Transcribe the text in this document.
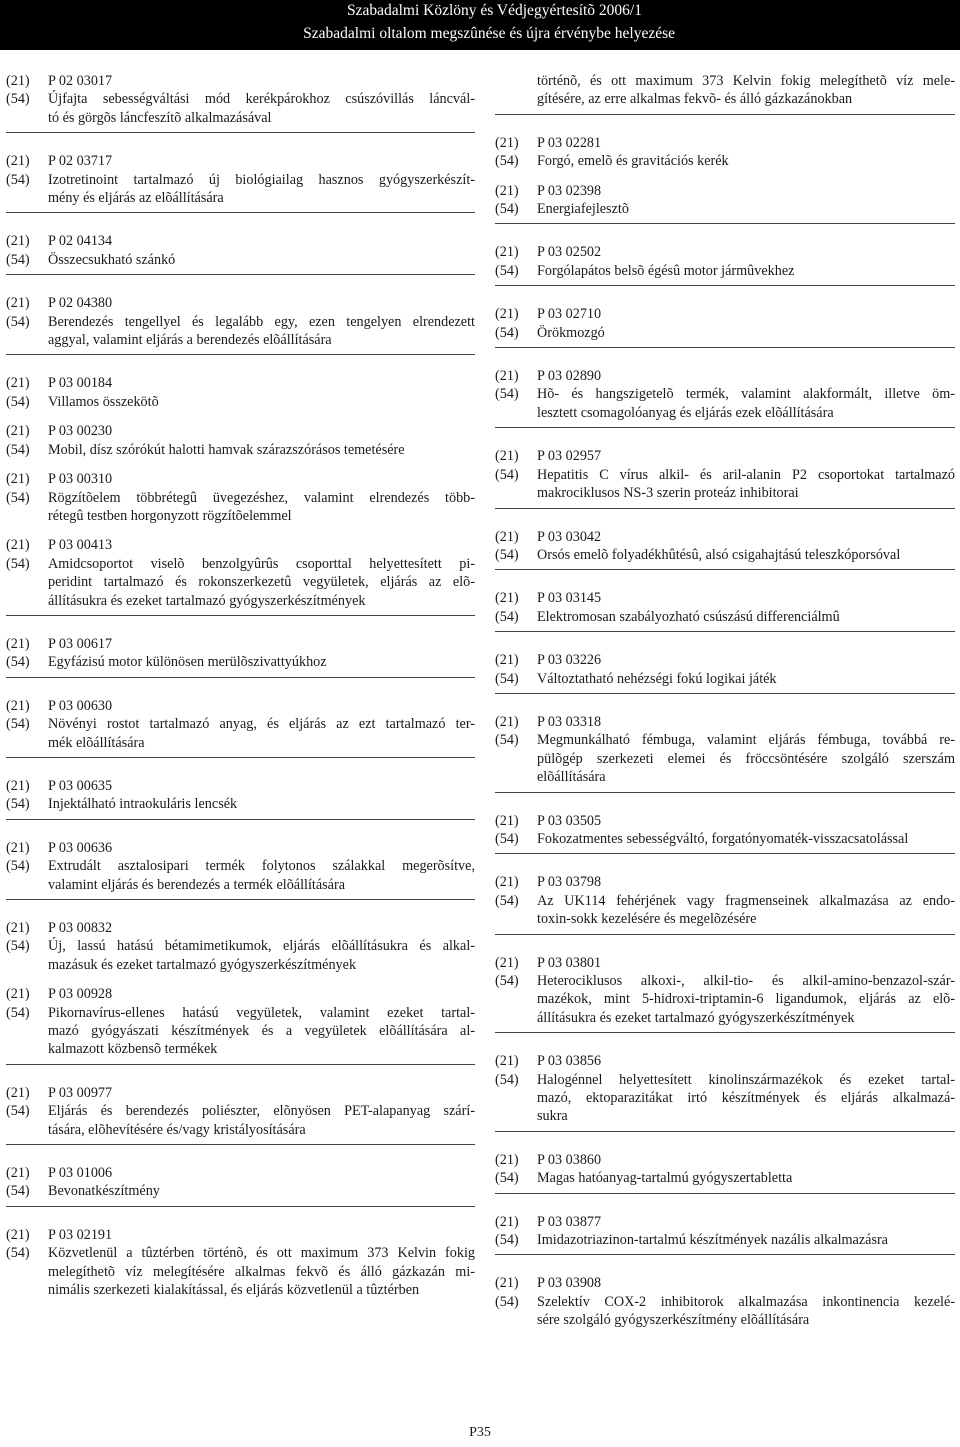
Szabadalmi Közlöny és Védjegyértesítõ 2006/1
Szabadalmi oltalom megszûnése és újra érvénybe helyezése
(21)	P 02 03017
(54)	Újfajta sebességváltási mód kerékpárokhoz csúszóvillás láncvál-
tó és görgõs láncfeszítõ alkalmazásával
(21)	P 02 03717
(54)	Izotretinoint tartalmazó új biológiailag hasznos gyógyszerkészít-
mény és eljárás az elõállítására
(21)	P 02 04134
(54)	Összecsukható szánkó
(21)	P 02 04380
(54)	Berendezés tengellyel és legalább egy, ezen tengelyen elrendezett
aggyal, valamint eljárás a berendezés elõállítására
(21)	P 03 00184
(54)	Villamos összekötõ
(21)	P 03 00230
(54)	Mobil, dísz szórókút halotti hamvak szárazszórásos temetésére
(21)	P 03 00310
(54)	Rögzítõelem többrétegû üvegezéshez, valamint elrendezés több-
rétegû testben horgonyzott rögzítõelemmel
(21)	P 03 00413
(54)	Amidcsoportot viselõ benzolgyûrûs csoporttal helyettesített pi-
peridint tartalmazó és rokonszerkezetû vegyületek, eljárás az elõ-
állításukra és ezeket tartalmazó gyógyszerkészítmények
(21)	P 03 00617
(54)	Egyfázisú motor különösen merülõszivattyúkhoz
(21)	P 03 00630
(54)	Növényi rostot tartalmazó anyag, és eljárás az ezt tartalmazó ter-
mék elõállítására
(21)	P 03 00635
(54)	Injektálható intraokuláris lencsék
(21)	P 03 00636
(54)	Extrudált asztalosipari termék folytonos szálakkal megerõsítve,
valamint eljárás és berendezés a termék elõállítására
(21)	P 03 00832
(54)	Új, lassú hatású bétamimetikumok, eljárás elõállításukra és alkal-
mazásuk és ezeket tartalmazó gyógyszerkészítmények
(21)	P 03 00928
(54)	Pikornavírus-ellenes hatású vegyületek, valamint ezeket tartal-
mazó gyógyászati készítmények és a vegyületek elõállítására al-
kalmazott közbensõ termékek
(21)	P 03 00977
(54)	Eljárás és berendezés poliészter, elõnyösen PET-alapanyag szárí-
tására, elõhevítésére és/vagy kristályosítására
(21)	P 03 01006
(54)	Bevonatkészítmény
(21)	P 03 02191
(54)	Közvetlenül a tûztérben történõ, és ott maximum 373 Kelvin fokig
melegíthetõ víz melegítésére alkalmas fekvõ és álló gázkazán mi-
nimális szerkezeti kialakítással, és eljárás közvetlenül a tûztérben
történõ, és ott maximum 373 Kelvin fokig melegíthetõ víz mele-
gítésére, az erre alkalmas fekvõ- és álló gázkazánokban
(21)	P 03 02281
(54)	Forgó, emelõ és gravitációs kerék
(21)	P 03 02398
(54)	Energiafejlesztõ
(21)	P 03 02502
(54)	Forgólapátos belsõ égésû motor jármûvekhez
(21)	P 03 02710
(54)	Örökmozgó
(21)	P 03 02890
(54)	Hõ- és hangszigetelõ termék, valamint alakformált, illetve öm-
lesztett csomagolóanyag és eljárás ezek elõállítására
(21)	P 03 02957
(54)	Hepatitis C vírus alkil- és aril-alanin P2 csoportokat tartalmazó
makrociklusos NS-3 szerin proteáz inhibitorai
(21)	P 03 03042
(54)	Orsós emelõ folyadékhûtésû, alsó csigahajtású teleszkóporsóval
(21)	P 03 03145
(54)	Elektromosan szabályozható csúszású differenciálmû
(21)	P 03 03226
(54)	Változtatható nehézségi fokú logikai játék
(21)	P 03 03318
(54)	Megmunkálható fémbuga, valamint eljárás fémbuga, továbbá re-
pülõgép szerkezeti elemei és fröccsöntésére szolgáló szerszám
elõállítására
(21)	P 03 03505
(54)	Fokozatmentes sebességváltó, forgatónyomaték-visszacsatolással
(21)	P 03 03798
(54)	Az UK114 fehérjének vagy fragmenseinek alkalmazása az endo-
toxin-sokk kezelésére és megelõzésére
(21)	P 03 03801
(54)	Heterociklusos alkoxi-, alkil-tio- és alkil-amino-benzazol-szár-
mazékok, mint 5-hidroxi-triptamin-6 ligandumok, eljárás az elõ-
állításukra és ezeket tartalmazó gyógyszerkészítmények
(21)	P 03 03856
(54)	Halogénnel helyettesített kinolinszármazékok és ezeket tartal-
mazó, ektoparazitákat irtó készítmények és eljárás alkalmazá-
sukra
(21)	P 03 03860
(54)	Magas hatóanyag-tartalmú gyógyszertabletta
(21)	P 03 03877
(54)	Imidazotriazinon-tartalmú készítmények nazális alkalmazásra
(21)	P 03 03908
(54)	Szelektív COX-2 inhibitorok alkalmazása inkontinencia kezelé-
sére szolgáló gyógyszerkészítmény elõállítására
P35
